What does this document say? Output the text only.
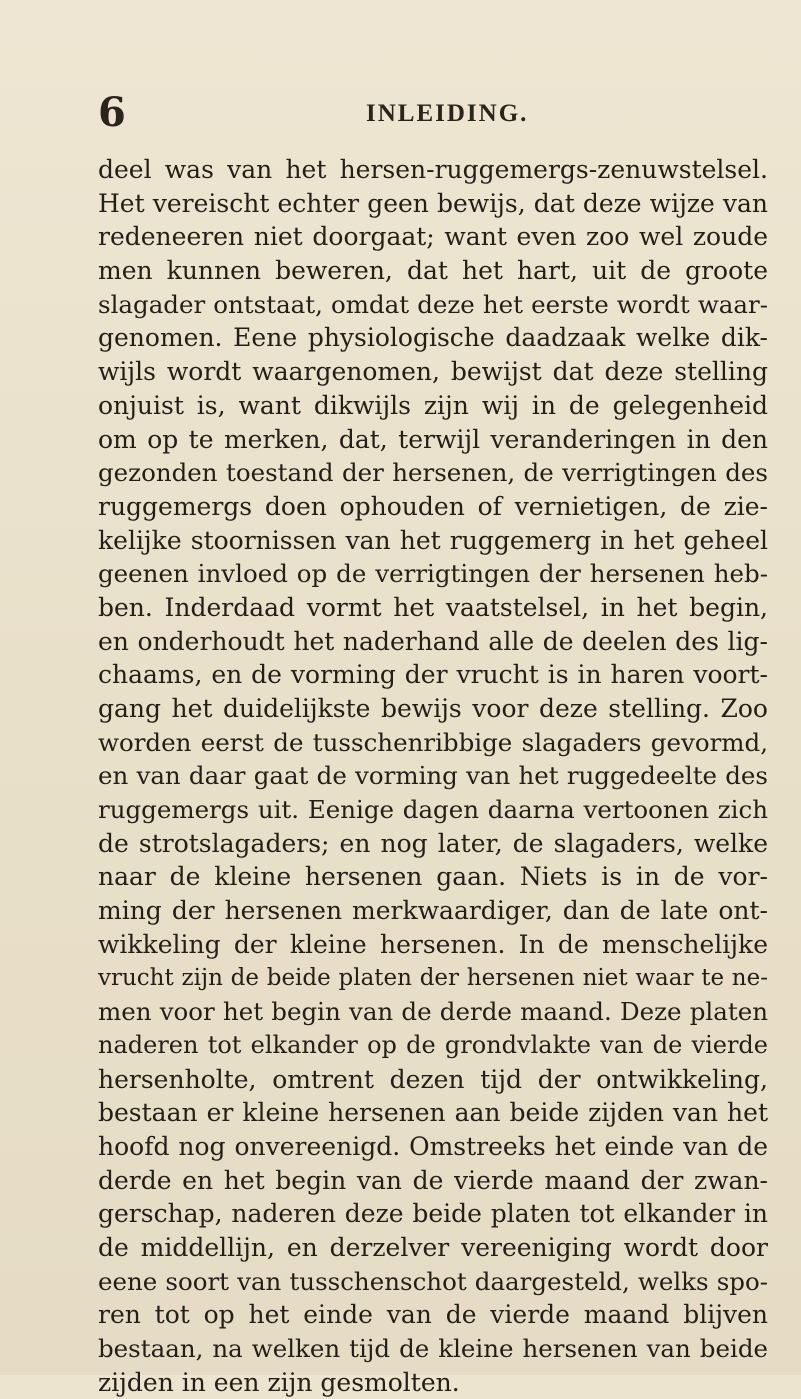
6	INLEIDING.
deel was van het hersen-ruggemergs-zenuwstelsel.
Het vereischt echter geen bewijs, dat deze wijze van
redeneeren niet doorgaat; want even zoo wel zoude
men kunnen beweren, dat het hart, uit de groote
slagader ontstaat, omdat deze het eerste wordt waar-
genomen. Eene physiologische daadzaak welke dik-
wijls wordt waargenomen, bewijst dat deze stelling
onjuist is, want dikwijls zijn wij in de gelegenheid
om op te merken, dat, terwijl veranderingen in den
gezonden toestand der hersenen, de verrigtingen des
ruggemergs doen ophouden of vernietigen, de zie-
kelijke stoornissen van het ruggemerg in het geheel
geenen invloed op de verrigtingen der hersenen heb-
ben. Inderdaad vormt het vaatstelsel, in het begin,
en onderhoudt het naderhand alle de deelen des lig-
chaams, en de vorming der vrucht is in haren voort-
gang het duidelijkste bewijs voor deze stelling. Zoo
worden eerst de tusschenribbige slagaders gevormd,
en van daar gaat de vorming van het ruggedeelte des
ruggemergs uit. Eenige dagen daarna vertoonen zich
de strotslagaders; en nog later, de slagaders, welke
naar de kleine hersenen gaan. Niets is in de vor-
ming der hersenen merkwaardiger, dan de late ont-
wikkeling der kleine hersenen. In de menschelijke
vrucht zijn de beide platen der hersenen niet waar te ne-
men voor het begin van de derde maand. Deze platen
naderen tot elkander op de grondvlakte van de vierde
hersenholte, omtrent dezen tijd der ontwikkeling,
bestaan er kleine hersenen aan beide zijden van het
hoofd nog onvereenigd. Omstreeks het einde van de
derde en het begin van de vierde maand der zwan-
gerschap, naderen deze beide platen tot elkander in
de middellijn, en derzelver vereeniging wordt door
eene soort van tusschenschot daargesteld, welks spo-
ren tot op het einde van de vierde maand blijven
bestaan, na welken tijd de kleine hersenen van beide
zijden in een zijn gesmolten.
